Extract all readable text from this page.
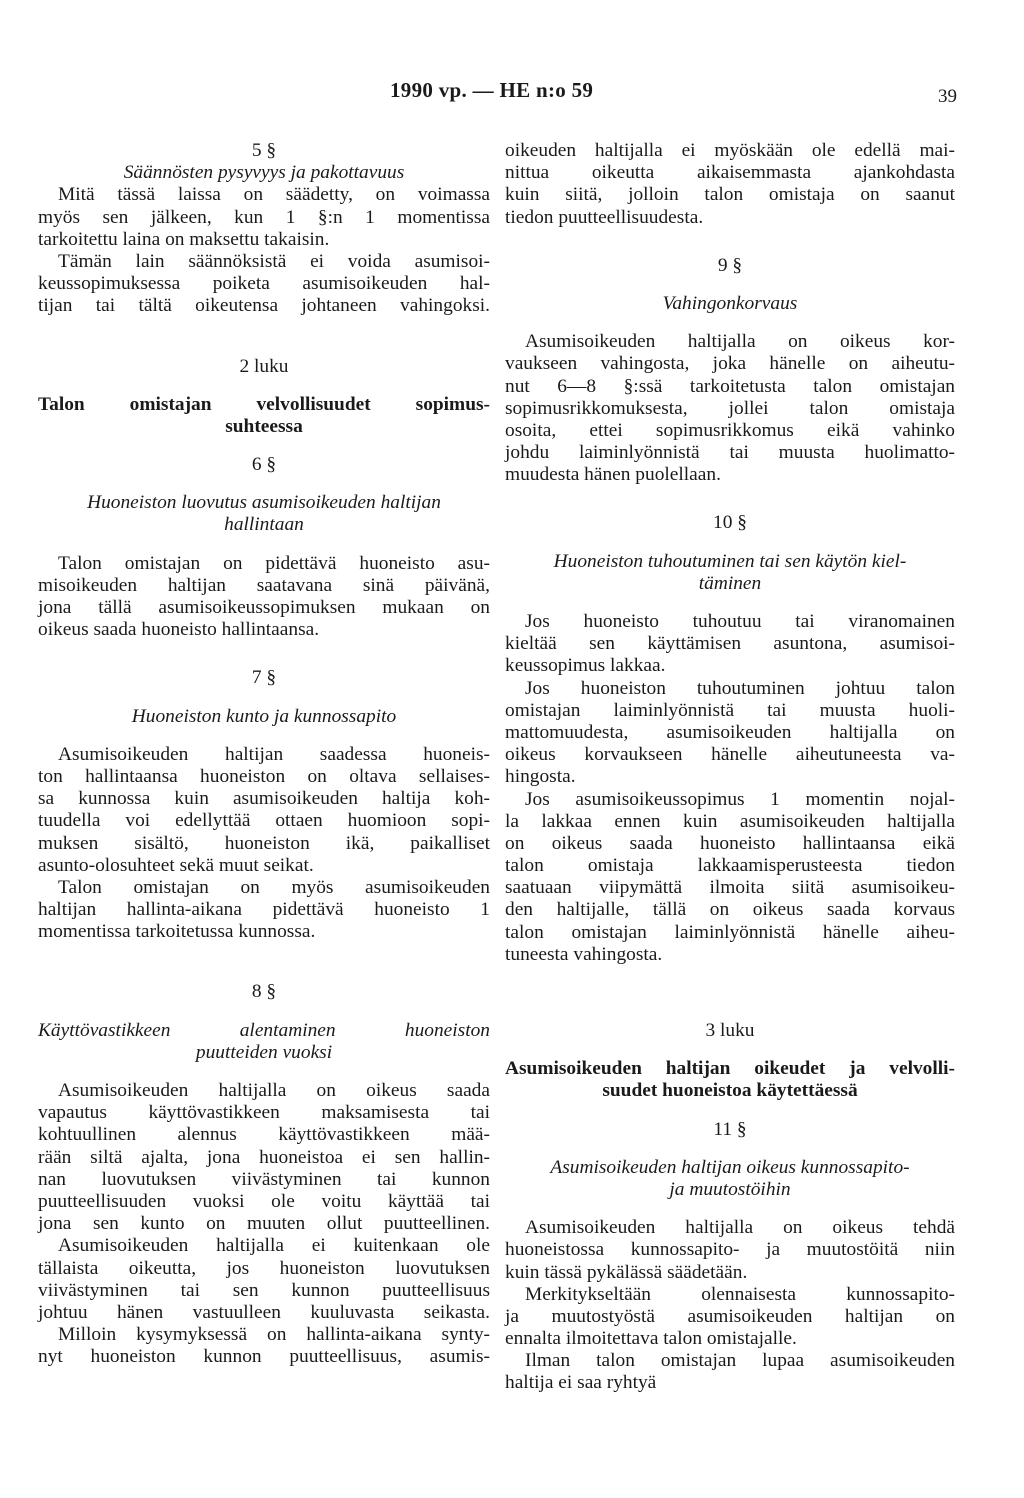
1990 vp. — HE n:o 59	39
5 §
Säännösten pysyvyys ja pakottavuus
Mitä tässä laissa on säädetty, on voimassa
myös sen jälkeen, kun 1 §:n 1 momentissa
tarkoitettu laina on maksettu takaisin.
Tämän lain säännöksistä ei voida asumisoi-
keussopimuksessa poiketa asumisoikeuden hal-
tijan tai tältä oikeutensa johtaneen vahingoksi.
2 luku
Talon omistajan velvollisuudet sopimus-
suhteessa
6 §
Huoneiston luovutus asumisoikeuden haltijan
hallintaan
Talon omistajan on pidettävä huoneisto asu-
misoikeuden haltijan saatavana sinä päivänä,
jona tällä asumisoikeussopimuksen mukaan on
oikeus saada huoneisto hallintaansa.
7 §
Huoneiston kunto ja kunnossapito
Asumisoikeuden haltijan saadessa huoneis-
ton hallintaansa huoneiston on oltava sellaises-
sa kunnossa kuin asumisoikeuden haltija koh-
tuudella voi edellyttää ottaen huomioon sopi-
muksen sisältö, huoneiston ikä, paikalliset
asunto-olosuhteet sekä muut seikat.
Talon omistajan on myös asumisoikeuden
haltijan hallinta-aikana pidettävä huoneisto 1
momentissa tarkoitetussa kunnossa.
8 §
Käyttövastikkeen alentaminen huoneiston
puutteiden vuoksi
Asumisoikeuden haltijalla on oikeus saada
vapautus käyttövastikkeen maksamisesta tai
kohtuullinen alennus käyttövastikkeen mää-
rään siltä ajalta, jona huoneistoa ei sen hallin-
nan luovutuksen viivästyminen tai kunnon
puutteellisuuden vuoksi ole voitu käyttää tai
jona sen kunto on muuten ollut puutteellinen.
Asumisoikeuden haltijalla ei kuitenkaan ole
tällaista oikeutta, jos huoneiston luovutuksen
viivästyminen tai sen kunnon puutteellisuus
johtuu hänen vastuulleen kuuluvasta seikasta.
Milloin kysymyksessä on hallinta-aikana synty-
nyt huoneiston kunnon puutteellisuus, asumis-
oikeuden haltijalla ei myöskään ole edellä mai-
nittua oikeutta aikaisemmasta ajankohdasta
kuin siitä, jolloin talon omistaja on saanut
tiedon puutteellisuudesta.
9 §
Vahingonkorvaus
Asumisoikeuden haltijalla on oikeus kor-
vaukseen vahingosta, joka hänelle on aiheutu-
nut 6—8 §:ssä tarkoitetusta talon omistajan
sopimusrikkomuksesta, jollei talon omistaja
osoita, ettei sopimusrikkomus eikä vahinko
johdu laiminlyönnistä tai muusta huolimatto-
muudesta hänen puolellaan.
10 §
Huoneiston tuhoutuminen tai sen käytön kiel-
täminen
Jos huoneisto tuhoutuu tai viranomainen
kieltää sen käyttämisen asuntona, asumisoi-
keussopimus lakkaa.
Jos huoneiston tuhoutuminen johtuu talon
omistajan laiminlyönnistä tai muusta huoli-
mattomuudesta, asumisoikeuden haltijalla on
oikeus korvaukseen hänelle aiheutuneesta va-
hingosta.
Jos asumisoikeussopimus 1 momentin nojal-
la lakkaa ennen kuin asumisoikeuden haltijalla
on oikeus saada huoneisto hallintaansa eikä
talon omistaja lakkaamisperusteesta tiedon
saatuaan viipymättä ilmoita siitä asumisoikeu-
den haltijalle, tällä on oikeus saada korvaus
talon omistajan laiminlyönnistä hänelle aiheu-
tuneesta vahingosta.
3 luku
Asumisoikeuden haltijan oikeudet ja velvolli-
suudet huoneistoa käytettäessä
11 §
Asumisoikeuden haltijan oikeus kunnossapito-
ja muutostöihin
Asumisoikeuden haltijalla on oikeus tehdä
huoneistossa kunnossapito- ja muutostöitä niin
kuin tässä pykälässä säädetään.
Merkitykseltään olennaisesta kunnossapito-
ja muutostyöstä asumisoikeuden haltijan on
ennalta ilmoitettava talon omistajalle.
Ilman talon omistajan lupaa asumisoikeuden
haltija ei saa ryhtyä
